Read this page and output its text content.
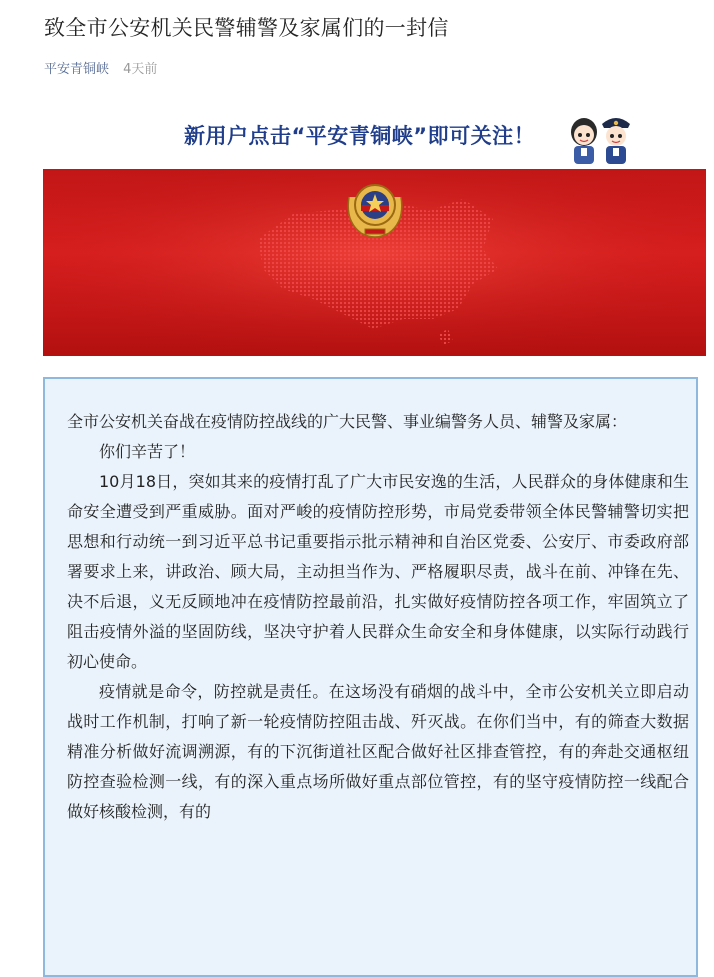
致全市公安机关民警辅警及家属们的一封信
平安青铜峡 4天前
新用户点击“平安青铜峡”即可关注！

全市公安机关奋战在疫情防控战线的广大民警、事业编警务人员、辅警及家属：

你们辛苦了！

10月18日，突如其来的疫情打乱了广大市民安逸的生活，人民群众的身体健康和生命安全遭受到严重威胁。面对严峻的疫情防控形势，市局党委带领全体民警辅警切实把思想和行动统一到习近平总书记重要指示批示精神和自治区党委、公安厅、市委政府部署要求上来，讲政治、顾大局，主动担当作为、严格履职尽责，战斗在前、冲锋在先、决不后退，义无反顾地冲在疫情防控最前沿，扎实做好疫情防控各项工作，牢固筑立了阻击疫情外溢的坚固防线，坚决守护着人民群众生命安全和身体健康，以实际行动践行初心使命。

疫情就是命令，防控就是责任。在这场没有硝烟的战斗中，全市公安机关立即启动战时工作机制，打响了新一轮疫情防控阻击战、歼灭战。在你们当中，有的筛查大数据精准分析做好流调溯源，有的下沉街道社区配合做好社区排查管控，有的奔赴交通枢纽防控查验检测一线，有的深入重点场所做好重点部位管控，有的坚守疫情防控一线配合做好核酸检测，有的
